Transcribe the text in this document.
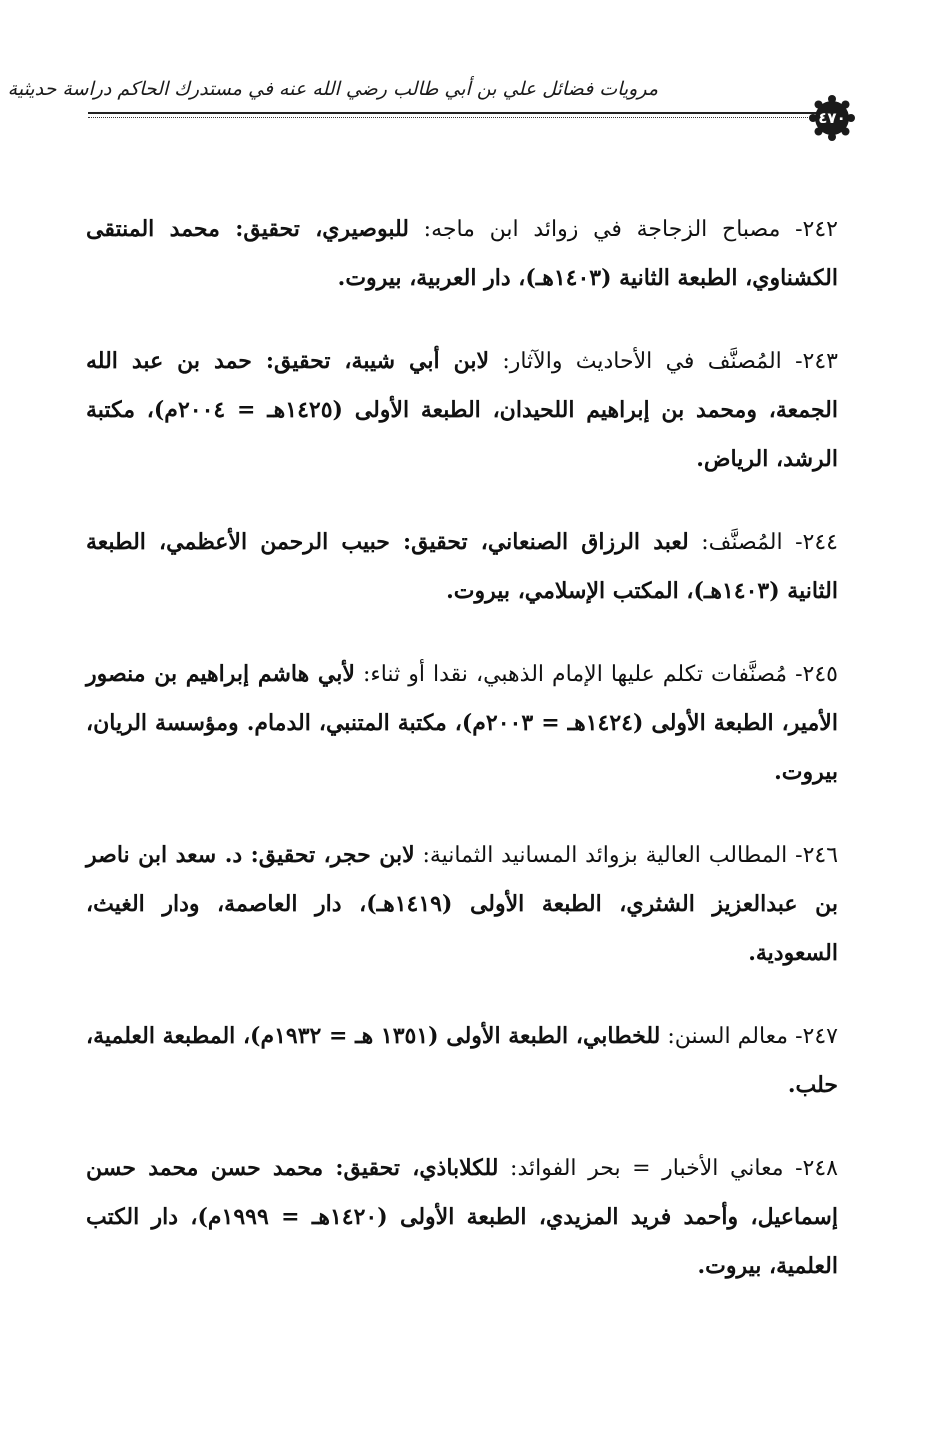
مرويات فضائل علي بن أبي طالب رضي الله عنه في مستدرك الحاكم دراسة حديثية
٤٧٠

٢٤٢- مصباح الزجاجة في زوائد ابن ماجه: للبوصيري، تحقيق: محمد المنتقى الكشناوي، الطبعة الثانية (١٤٠٣هـ)، دار العربية، بيروت.

٢٤٣- المُصنَّف في الأحاديث والآثار: لابن أبي شيبة، تحقيق: حمد بن عبد الله الجمعة، ومحمد بن إبراهيم اللحيدان، الطبعة الأولى (١٤٢٥هـ = ٢٠٠٤م)، مكتبة الرشد، الرياض.

٢٤٤- المُصنَّف: لعبد الرزاق الصنعاني، تحقيق: حبيب الرحمن الأعظمي، الطبعة الثانية (١٤٠٣هـ)، المكتب الإسلامي، بيروت.

٢٤٥- مُصنَّفات تكلم عليها الإمام الذهبي، نقدا أو ثناء: لأبي هاشم إبراهيم بن منصور الأمير، الطبعة الأولى (١٤٢٤هـ = ٢٠٠٣م)، مكتبة المتنبي، الدمام. ومؤسسة الريان، بيروت.

٢٤٦- المطالب العالية بزوائد المسانيد الثمانية: لابن حجر، تحقيق: د. سعد ابن ناصر بن عبدالعزيز الشثري، الطبعة الأولى (١٤١٩هـ)، دار العاصمة، ودار الغيث، السعودية.

٢٤٧- معالم السنن: للخطابي، الطبعة الأولى (١٣٥١ هـ = ١٩٣٢م)، المطبعة العلمية، حلب.

٢٤٨- معاني الأخبار = بحر الفوائد: للكلاباذي، تحقيق: محمد حسن محمد حسن إسماعيل، وأحمد فريد المزيدي، الطبعة الأولى (١٤٢٠هـ = ١٩٩٩م)، دار الكتب العلمية، بيروت.
